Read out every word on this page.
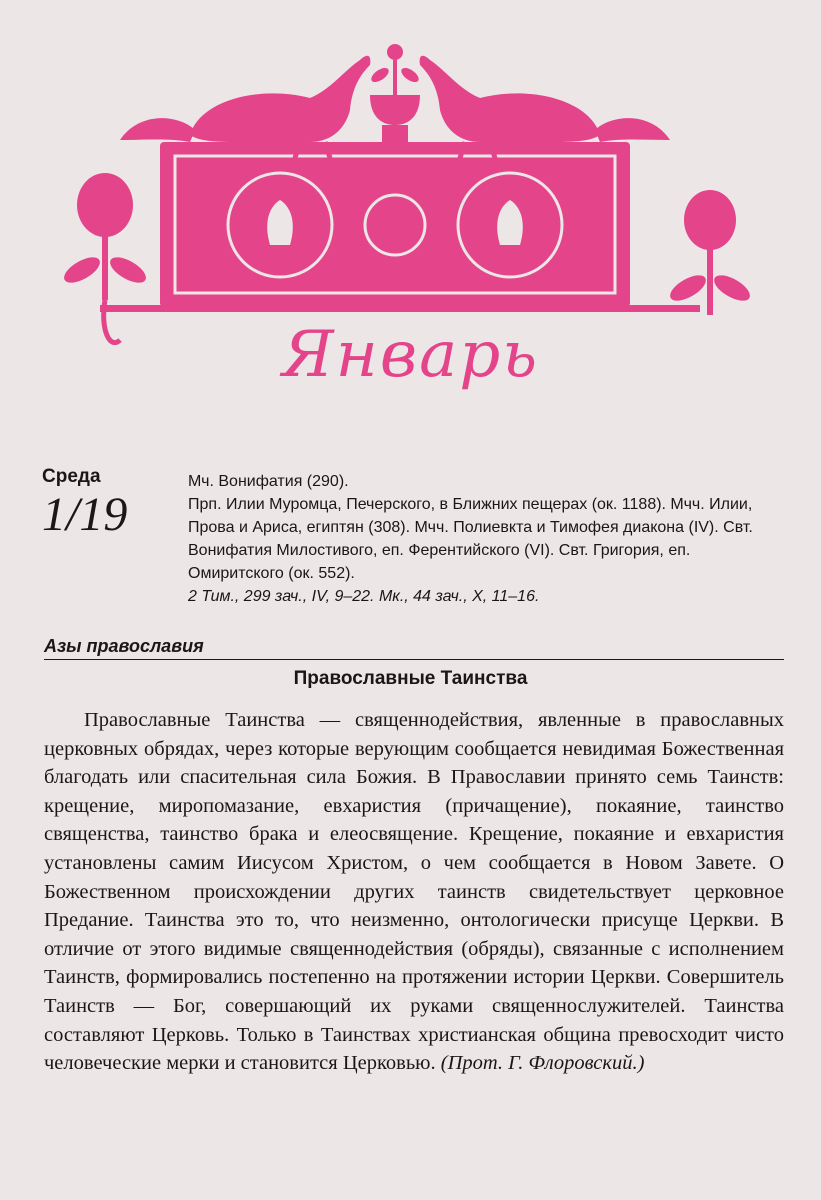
Январь
Среда
1/19

Мч. Вонифатия (290).

Прп. Илии Муромца, Печерского, в Ближних пещерах (ок. 1188). Мчч. Илии, Прова и Ариса, египтян (308). Мчч. Полиевкта и Тимофея диакона (IV). Свт. Вонифатия Милостивого, еп. Ферентийского (VI). Свт. Григория, еп. Омиритского (ок. 552).

2 Тим., 299 зач., IV, 9–22. Мк., 44 зач., X, 11–16.

Азы православия
Православные Таинства

Православные Таинства — священнодействия, явленные в православных церковных обрядах, через которые верующим сообщается невидимая Божественная благодать или спасительная сила Божия. В Православии принято семь Таинств: крещение, миропомазание, евхаристия (причащение), покаяние, таинство священства, таинство брака и елеосвящение. Крещение, покаяние и евхаристия установлены самим Иисусом Христом, о чем сообщается в Новом Завете. О Божественном происхождении других таинств свидетельствует церковное Предание. Таинства это то, что неизменно, онтологически присуще Церкви. В отличие от этого видимые священнодействия (обряды), связанные с исполнением Таинств, формировались постепенно на протяжении истории Церкви. Совершитель Таинств — Бог, совершающий их руками священнослужителей. Таинства составляют Церковь. Только в Таинствах христианская община превосходит чисто человеческие мерки и становится Церковью. (Прот. Г. Флоровский.)
